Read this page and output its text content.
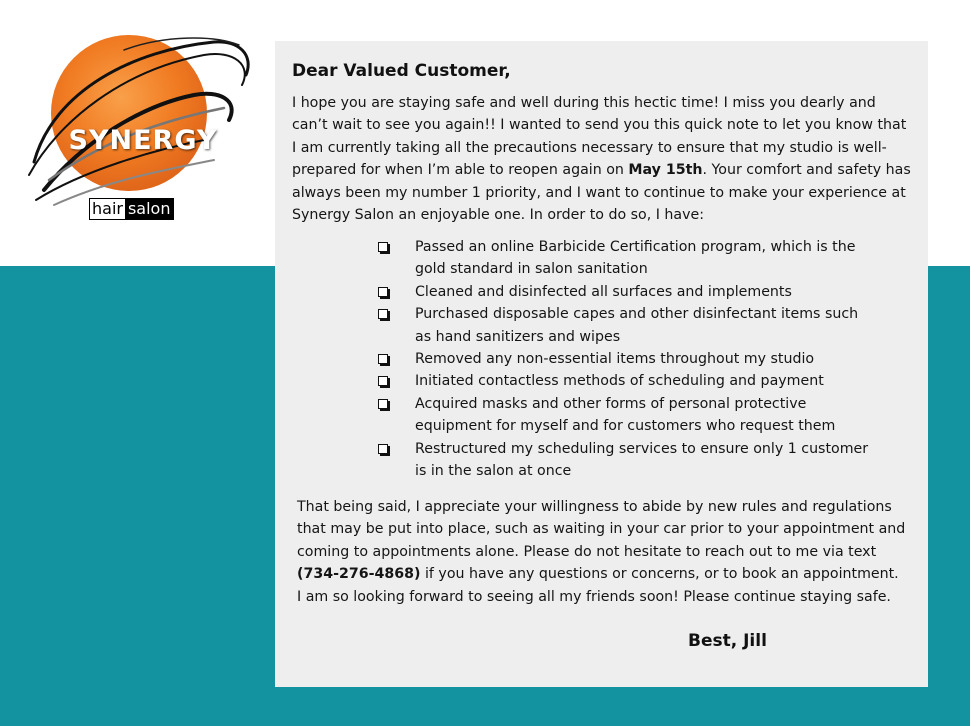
SYNERGY
hair salon
Dear Valued Customer,
I hope you are staying safe and well during this hectic time! I miss you dearly and can’t wait to see you again!! I wanted to send you this quick note to let you know that I am currently taking all the precautions necessary to ensure that my studio is well-prepared for when I’m able to reopen again on May 15th. Your comfort and safety has always been my number 1 priority, and I want to continue to make your experience at Synergy Salon an enjoyable one. In order to do so, I have:
Passed an online Barbicide Certification program, which is the gold standard in salon sanitation
Cleaned and disinfected all surfaces and implements
Purchased disposable capes and other disinfectant items such as hand sanitizers and wipes
Removed any non-essential items throughout my studio
Initiated contactless methods of scheduling and payment
Acquired masks and other forms of personal protective equipment for myself and for customers who request them
Restructured my scheduling services to ensure only 1 customer is in the salon at once
That being said, I appreciate your willingness to abide by new rules and regulations that may be put into place, such as waiting in your car prior to your appointment and coming to appointments alone. Please do not hesitate to reach out to me via text (734-276-4868) if you have any questions or concerns, or to book an appointment. I am so looking forward to seeing all my friends soon! Please continue staying safe.
Best, Jill
